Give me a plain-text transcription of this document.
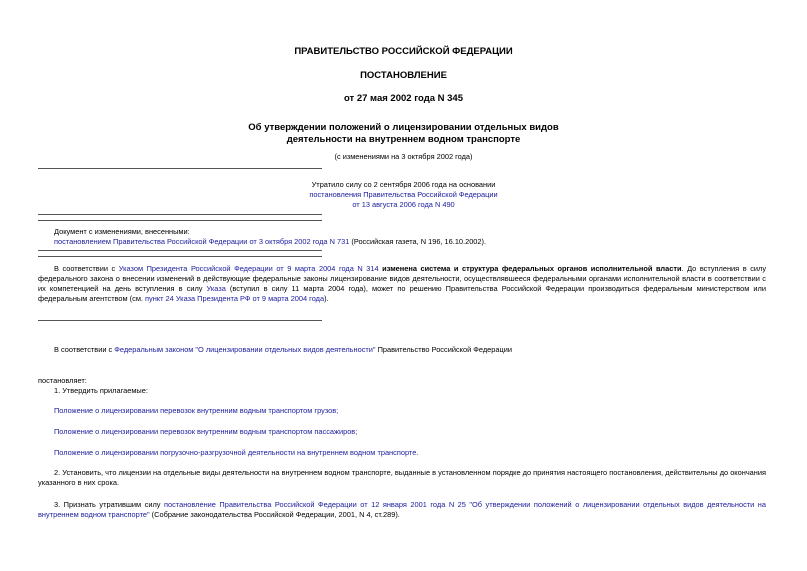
ПРАВИТЕЛЬСТВО РОССИЙСКОЙ ФЕДЕРАЦИИ
ПОСТАНОВЛЕНИЕ
от 27 мая 2002 года N 345
Об утверждении положений о лицензировании отдельных видов
деятельности на внутреннем водном транспорте
(с изменениями на 3 октября 2002 года)
Утратило силу со 2 сентября 2006 года на основании
постановления Правительства Российской Федерации
от 13 августа 2006 года N 490
Документ с изменениями, внесенными:
постановлением Правительства Российской Федерации от 3 октября 2002 года N 731 (Российская газета, N 196, 16.10.2002).
В соответствии с Указом Президента Российской Федерации от 9 марта 2004 года N 314 изменена система и структура федеральных органов исполнительной власти. До вступления в силу федерального закона о внесении изменений в действующие федеральные законы лицензирование видов деятельности, осуществлявшееся федеральными органами исполнительной власти в соответствии с их компетенцией на день вступления в силу Указа (вступил в силу 11 марта 2004 года), может по решению Правительства Российской Федерации производиться федеральным министерством или федеральным агентством (см. пункт 24 Указа Президента РФ от 9 марта 2004 года).
В соответствии с Федеральным законом "О лицензировании отдельных видов деятельности" Правительство Российской Федерации
постановляет:
1. Утвердить прилагаемые:
Положение о лицензировании перевозок внутренним водным транспортом грузов;
Положение о лицензировании перевозок внутренним водным транспортом пассажиров;
Положение о лицензировании погрузочно-разгрузочной деятельности на внутреннем водном транспорте.
2. Установить, что лицензии на отдельные виды деятельности на внутреннем водном транспорте, выданные в установленном порядке до принятия настоящего постановления, действительны до окончания указанного в них срока.
3. Признать утратившим силу постановление Правительства Российской Федерации от 12 января 2001 года N 25 "Об утверждении положений о лицензировании отдельных видов деятельности на внутреннем водном транспорте" (Собрание законодательства Российской Федерации, 2001, N 4, ст.289).
